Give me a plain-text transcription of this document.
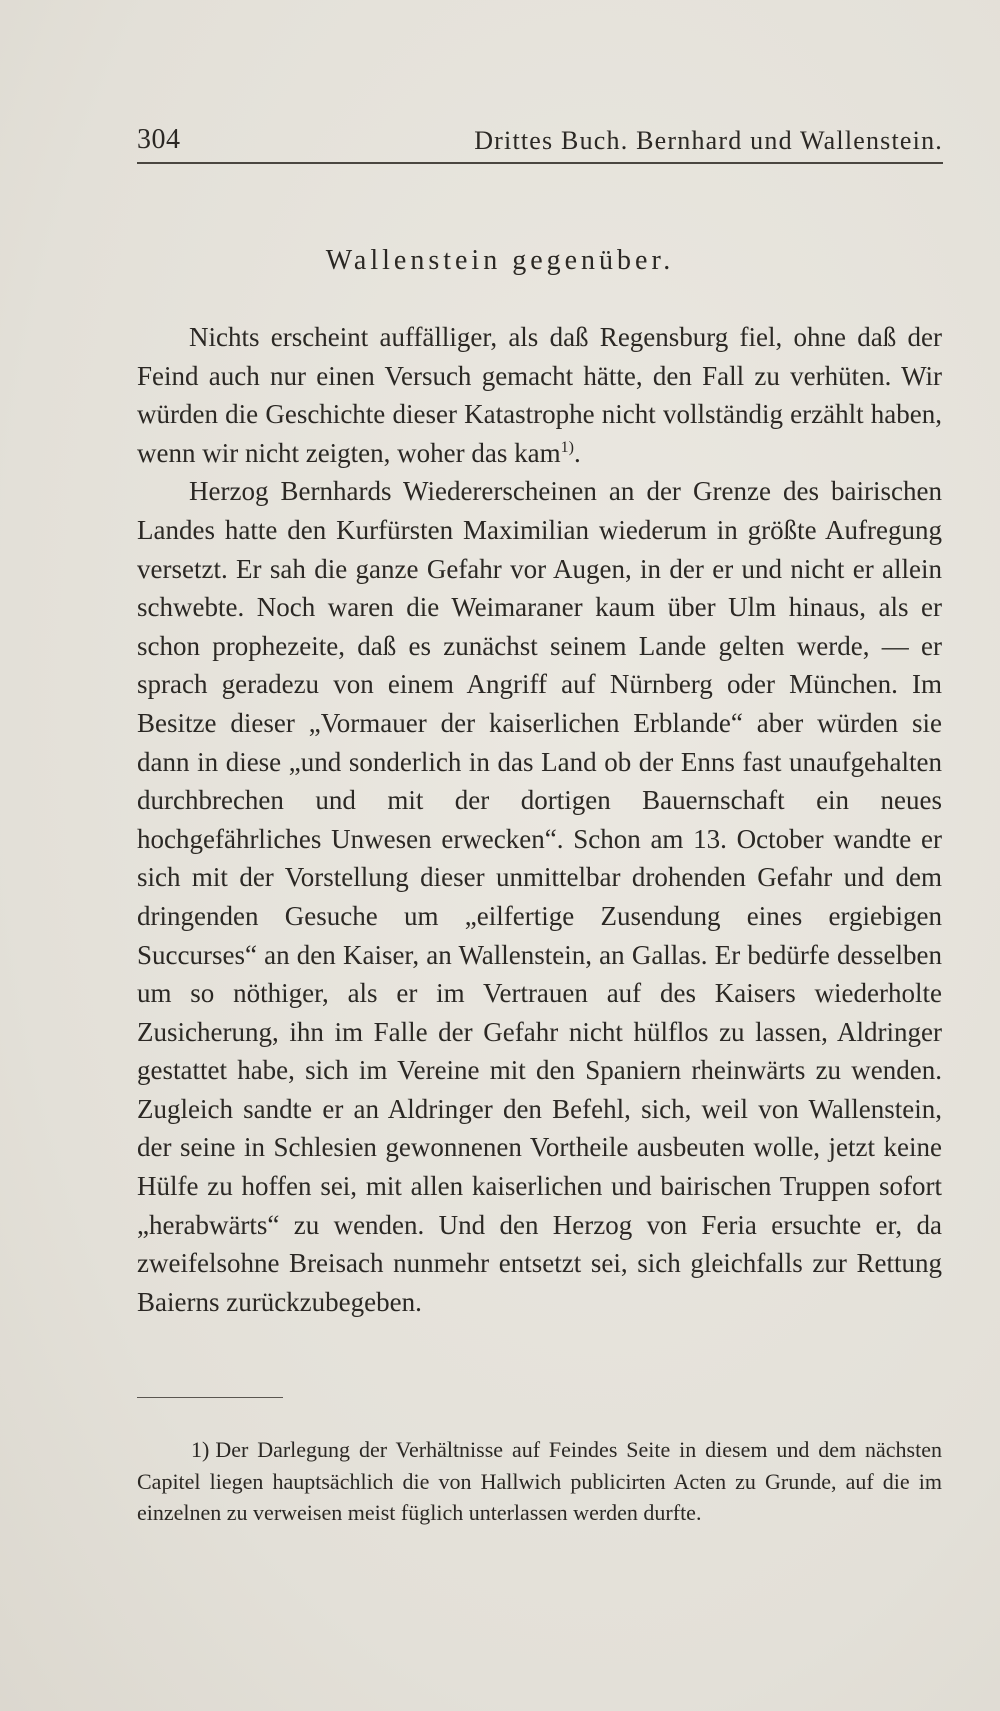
304	Drittes Buch. Bernhard und Wallenstein.
Wallenstein gegenüber.

Nichts erscheint auffälliger, als daß Regensburg fiel, ohne daß der Feind auch nur einen Versuch gemacht hätte, den Fall zu verhüten. Wir würden die Geschichte dieser Katastrophe nicht vollständig erzählt haben, wenn wir nicht zeigten, woher das kam$^{1)}$.

Herzog Bernhards Wiedererscheinen an der Grenze des bairischen Landes hatte den Kurfürsten Maximilian wiederum in größte Aufregung versetzt. Er sah die ganze Gefahr vor Augen, in der er und nicht er allein schwebte. Noch waren die Weimaraner kaum über Ulm hinaus, als er schon prophezeite, daß es zunächst seinem Lande gelten werde, — er sprach geradezu von einem Angriff auf Nürnberg oder München. Im Besitze dieser „Vormauer der kaiserlichen Erblande“ aber würden sie dann in diese „und sonderlich in das Land ob der Enns fast unaufgehalten durchbrechen und mit der dortigen Bauernschaft ein neues hochgefährliches Unwesen erwecken“. Schon am 13. October wandte er sich mit der Vorstellung dieser unmittelbar drohenden Gefahr und dem dringenden Gesuche um „eilfertige Zusendung eines ergiebigen Succurses“ an den Kaiser, an Wallenstein, an Gallas. Er bedürfe desselben um so nöthiger, als er im Vertrauen auf des Kaisers wiederholte Zusicherung, ihn im Falle der Gefahr nicht hülflos zu lassen, Aldringer gestattet habe, sich im Vereine mit den Spaniern rheinwärts zu wenden. Zugleich sandte er an Aldringer den Befehl, sich, weil von Wallenstein, der seine in Schlesien gewonnenen Vortheile ausbeuten wolle, jetzt keine Hülfe zu hoffen sei, mit allen kaiserlichen und bairischen Truppen sofort „herabwärts“ zu wenden. Und den Herzog von Feria ersuchte er, da zweifelsohne Breisach nunmehr entsetzt sei, sich gleichfalls zur Rettung Baierns zurückzubegeben.

1) Der Darlegung der Verhältnisse auf Feindes Seite in diesem und dem nächsten Capitel liegen hauptsächlich die von Hallwich publicirten Acten zu Grunde, auf die im einzelnen zu verweisen meist füglich unterlassen werden durfte.
